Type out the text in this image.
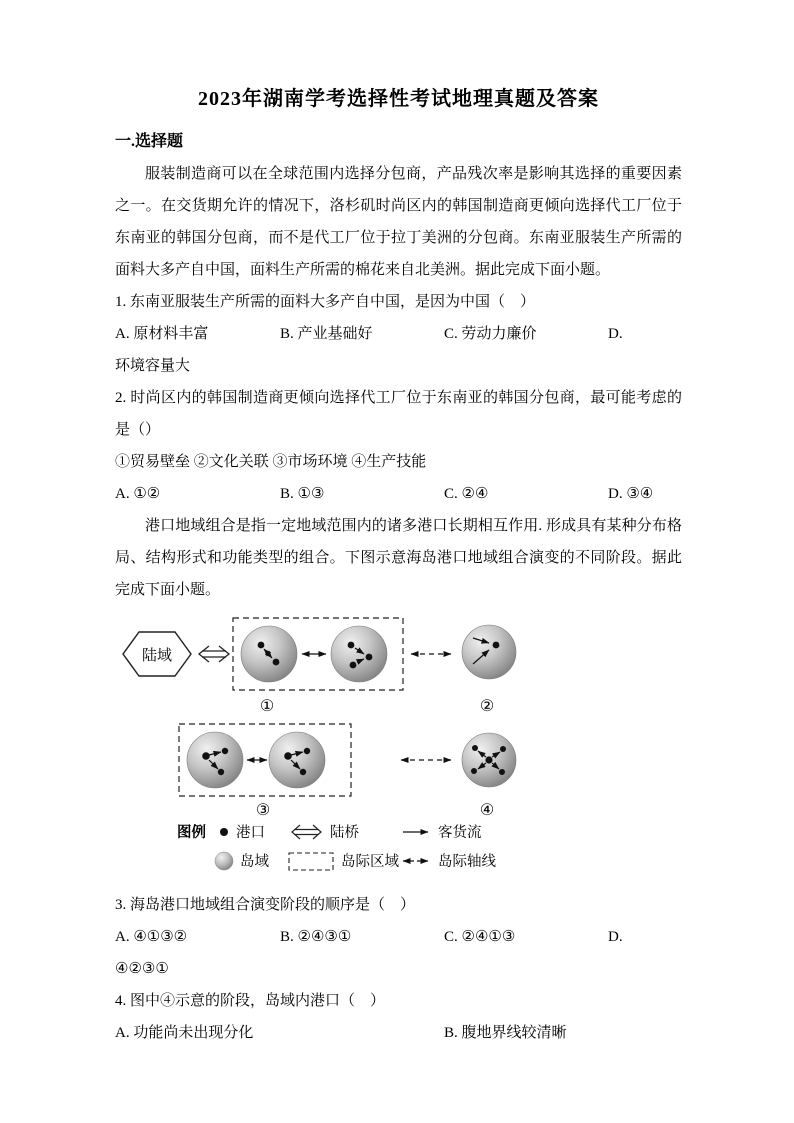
2023年湖南学考选择性考试地理真题及答案
一.选择题

服装制造商可以在全球范围内选择分包商，产品残次率是影响其选择的重要因素之一。在交货期允许的情况下，洛杉矶时尚区内的韩国制造商更倾向选择代工厂位于东南亚的韩国分包商，而不是代工厂位于拉丁美洲的分包商。东南亚服装生产所需的面料大多产自中国，面料生产所需的棉花来自北美洲。据此完成下面小题。

1. 东南亚服装生产所需的面料大多产自中国，是因为中国（　）
A. 原材料丰富	B. 产业基础好	C. 劳动力廉价	D.
环境容量大
2. 时尚区内的韩国制造商更倾向选择代工厂位于东南亚的韩国分包商，最可能考虑的是（）
①贸易壁垒 ②文化关联 ③市场环境 ④生产技能
A. ①②	B. ①③	C. ②④	D. ③④

港口地域组合是指一定地域范围内的诸多港口长期相互作用. 形成具有某种分布格局、结构形式和功能类型的组合。下图示意海岛港口地域组合演变的不同阶段。据此完成下面小题。

陆域
①	②
③	④
图例 港口	陆桥	客货流
岛域	岛际区域	岛际轴线
3. 海岛港口地域组合演变阶段的顺序是（　）
A. ④①③②	B. ②④③①	C. ②④①③	D.
④②③①
4. 图中④示意的阶段，岛域内港口（　）
A. 功能尚未出现分化	B. 腹地界线较清晰
